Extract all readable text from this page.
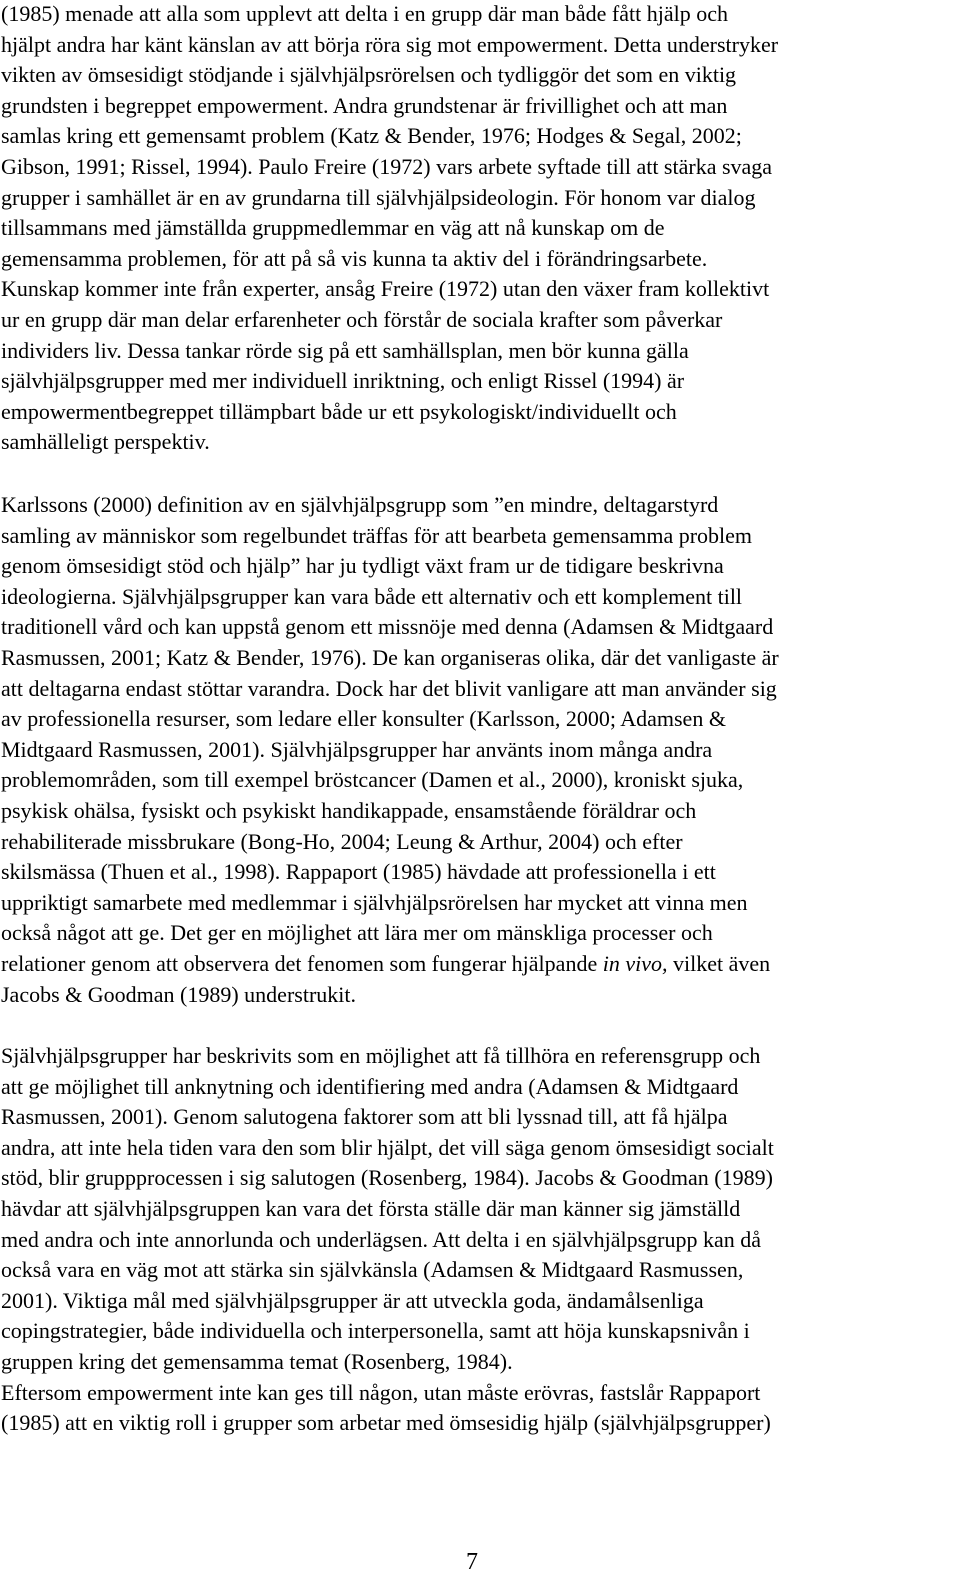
(1985) menade att alla som upplevt att delta i en grupp där man både fått hjälp och
hjälpt andra har känt känslan av att börja röra sig mot empowerment. Detta understryker
vikten av ömsesidigt stödjande i självhjälpsrörelsen och tydliggör det som en viktig
grundsten i begreppet empowerment. Andra grundstenar är frivillighet och att man
samlas kring ett gemensamt problem (Katz & Bender, 1976; Hodges & Segal, 2002;
Gibson, 1991; Rissel, 1994). Paulo Freire (1972) vars arbete syftade till att stärka svaga
grupper i samhället är en av grundarna till självhjälpsideologin. För honom var dialog
tillsammans med jämställda gruppmedlemmar en väg att nå kunskap om de
gemensamma problemen, för att på så vis kunna ta aktiv del i förändringsarbete.
Kunskap kommer inte från experter, ansåg Freire (1972) utan den växer fram kollektivt
ur en grupp där man delar erfarenheter och förstår de sociala krafter som påverkar
individers liv. Dessa tankar rörde sig på ett samhällsplan, men bör kunna gälla
självhjälpsgrupper med mer individuell inriktning, och enligt Rissel (1994) är
empowermentbegreppet tillämpbart både ur ett psykologiskt/individuellt och
samhälleligt perspektiv.

Karlssons (2000) definition av en självhjälpsgrupp som ”en mindre, deltagarstyrd
samling av människor som regelbundet träffas för att bearbeta gemensamma problem
genom ömsesidigt stöd och hjälp” har ju tydligt växt fram ur de tidigare beskrivna
ideologierna. Självhjälpsgrupper kan vara både ett alternativ och ett komplement till
traditionell vård och kan uppstå genom ett missnöje med denna (Adamsen & Midtgaard
Rasmussen, 2001; Katz & Bender, 1976). De kan organiseras olika, där det vanligaste är
att deltagarna endast stöttar varandra. Dock har det blivit vanligare att man använder sig
av professionella resurser, som ledare eller konsulter (Karlsson, 2000; Adamsen &
Midtgaard Rasmussen, 2001). Självhjälpsgrupper har använts inom många andra
problemområden, som till exempel bröstcancer (Damen et al., 2000), kroniskt sjuka,
psykisk ohälsa, fysiskt och psykiskt handikappade, ensamstående föräldrar och
rehabiliterade missbrukare (Bong-Ho, 2004; Leung & Arthur, 2004) och efter
skilsmässa (Thuen et al., 1998). Rappaport (1985) hävdade att professionella i ett
uppriktigt samarbete med medlemmar i självhjälpsrörelsen har mycket att vinna men
också något att ge. Det ger en möjlighet att lära mer om mänskliga processer och
relationer genom att observera det fenomen som fungerar hjälpande in vivo, vilket även
Jacobs & Goodman (1989) understrukit.

Självhjälpsgrupper har beskrivits som en möjlighet att få tillhöra en referensgrupp och
att ge möjlighet till anknytning och identifiering med andra (Adamsen & Midtgaard
Rasmussen, 2001). Genom salutogena faktorer som att bli lyssnad till, att få hjälpa
andra, att inte hela tiden vara den som blir hjälpt, det vill säga genom ömsesidigt socialt
stöd, blir gruppprocessen i sig salutogen (Rosenberg, 1984). Jacobs & Goodman (1989)
hävdar att självhjälpsgruppen kan vara det första ställe där man känner sig jämställd
med andra och inte annorlunda och underlägsen. Att delta i en självhjälpsgrupp kan då
också vara en väg mot att stärka sin självkänsla (Adamsen & Midtgaard Rasmussen,
2001). Viktiga mål med självhjälpsgrupper är att utveckla goda, ändamålsenliga
copingstrategier, både individuella och interpersonella, samt att höja kunskapsnivån i
gruppen kring det gemensamma temat (Rosenberg, 1984).
Eftersom empowerment inte kan ges till någon, utan måste erövras, fastslår Rappaport
(1985) att en viktig roll i grupper som arbetar med ömsesidig hjälp (självhjälpsgrupper)

7
